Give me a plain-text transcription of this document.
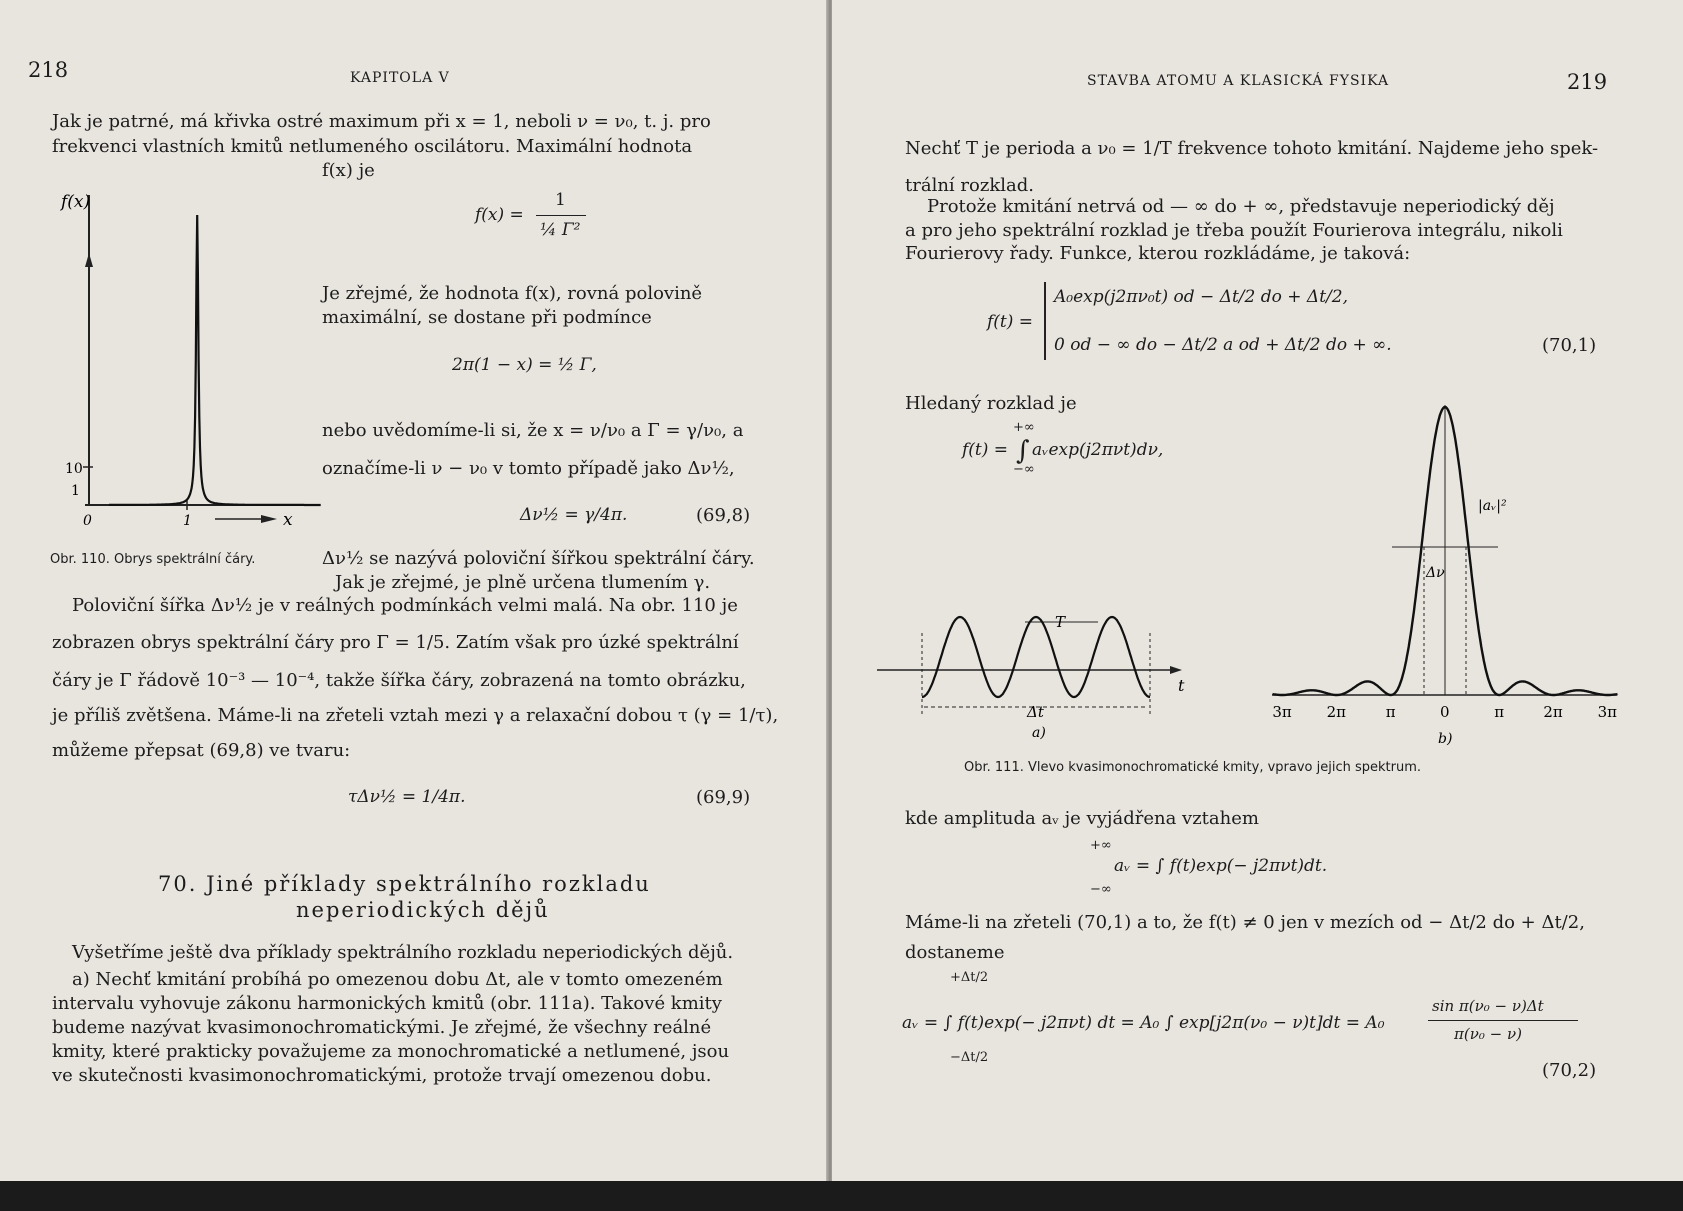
218	KAPITOLA V
Jak je patrné, má křivka ostré maximum při x = 1, neboli ν = ν₀, t. j. pro
frekvenci vlastních kmitů netlumeného oscilátoru. Maximální hodnota
f(x) je
f(x) =
1
¼ Γ²
Je zřejmé, že hodnota f(x), rovná polovině
maximální, se dostane při podmínce
2π(1 − x) = ½ Γ,
nebo uvědomíme-li si, že x = ν/ν₀ a Γ = γ/ν₀, a
označíme-li ν − ν₀ v tomto případě jako Δν½,
Δν½ = γ/4π.	(69,8)
Δν½ se nazývá poloviční šířkou spektrální čáry.
Jak je zřejmé, je plně určena tlumením γ.
f(x)
x
10
1
0	1
Obr. 110. Obrys spektrální čáry.
Poloviční šířka Δν½ je v reálných podmínkách velmi malá. Na obr. 110 je
zobrazen obrys spektrální čáry pro Γ = 1/5. Zatím však pro úzké spektrální
čáry je Γ řádově 10⁻³ — 10⁻⁴, takže šířka čáry, zobrazená na tomto obrázku,
je příliš zvětšena. Máme-li na zřeteli vztah mezi γ a relaxační dobou τ (γ = 1/τ),
můžeme přepsat (69,8) ve tvaru:
τΔν½ = 1/4π.	(69,9)
70. Jiné příklady spektrálního rozkladu
neperiodických dějů
Vyšetříme ještě dva příklady spektrálního rozkladu neperiodických dějů.
a) Nechť kmitání probíhá po omezenou dobu Δt, ale v tomto omezeném
intervalu vyhovuje zákonu harmonických kmitů (obr. 111a). Takové kmity
budeme nazývat kvasimonochromatickými. Je zřejmé, že všechny reálné
kmity, které prakticky považujeme za monochromatické a netlumené, jsou
ve skutečnosti kvasimonochromatickými, protože trvají omezenou dobu.
STAVBA ATOMU A KLASICKÁ FYSIKA	219
Nechť T je perioda a ν₀ = 1/T frekvence tohoto kmitání. Najdeme jeho spek-
trální rozklad.
Protože kmitání netrvá od — ∞ do + ∞, představuje neperiodický děj
a pro jeho spektrální rozklad je třeba použít Fourierova integrálu, nikoli
Fourierovy řady. Funkce, kterou rozkládáme, je taková:
f(t) =
A₀exp(j2πν₀t) od − Δt/2 do + Δt/2,
0 od − ∞ do − Δt/2 a od + Δt/2 do + ∞.	(70,1)
Hledaný rozklad je
+∞
f(t) = ∫ aᵥexp(j2πνt)dν,
−∞
T
Δt
t
a)
3π 2π	π	0	π	2π 3π
Δν
|aᵥ|²
b)
Obr. 111. Vlevo kvasimonochromatické kmity, vpravo jejich spektrum.
kde amplituda aᵥ je vyjádřena vztahem
+∞
aᵥ = ∫ f(t)exp(− j2πνt)dt.
−∞
Máme-li na zřeteli (70,1) a to, že f(t) ≠ 0 jen v mezích od − Δt/2 do + Δt/2,
dostaneme
+Δt/2
aᵥ = ∫ f(t)exp(− j2πνt) dt = A₀ ∫ exp[j2π(ν₀ − ν)t]dt = A₀
−Δt/2
sin π(ν₀ − ν)Δt
π(ν₀ − ν)
(70,2)
